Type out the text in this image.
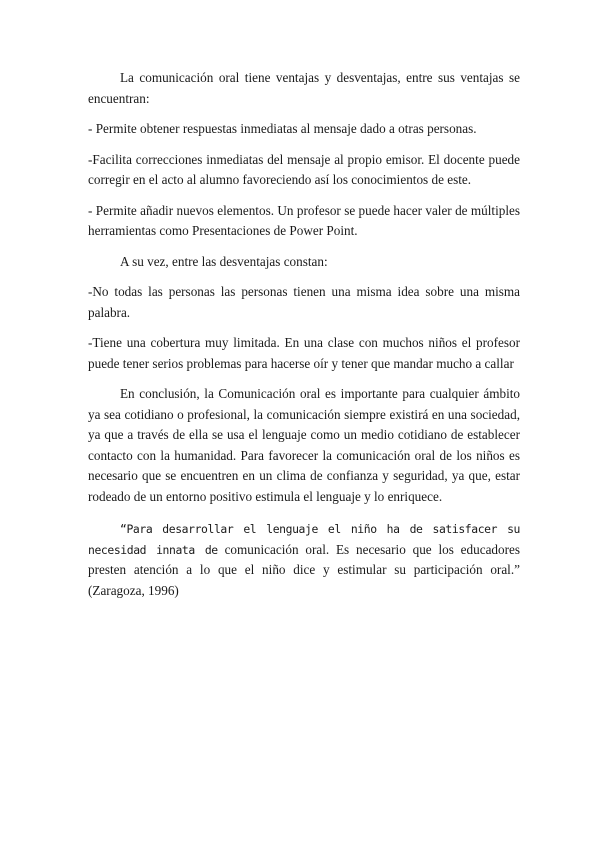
La comunicación oral tiene ventajas y desventajas, entre sus ventajas se encuentran:

- Permite obtener respuestas inmediatas al mensaje dado a otras personas.

-Facilita correcciones inmediatas del mensaje al propio emisor. El docente puede corregir en el acto al alumno favoreciendo así los conocimientos de este.

- Permite añadir nuevos elementos. Un profesor se puede hacer valer de múltiples herramientas como Presentaciones de Power Point.

A su vez, entre las desventajas constan:

-No todas las personas las personas tienen una misma idea sobre una misma palabra.

-Tiene una cobertura muy limitada. En una clase con muchos niños el profesor puede tener serios problemas para hacerse oír y tener que mandar mucho a callar

En conclusión, la Comunicación oral es importante para cualquier ámbito ya sea cotidiano o profesional, la comunicación siempre existirá en una sociedad, ya que a través de ella se usa el lenguaje como un medio cotidiano de establecer contacto con la humanidad. Para favorecer la comunicación oral de los niños es necesario que se encuentren en un clima de confianza y seguridad, ya que, estar rodeado de un entorno positivo estimula el lenguaje y lo enriquece.

“Para desarrollar el lenguaje el niño ha de satisfacer su necesidad innata de comunicación oral. Es necesario que los educadores presten atención a lo que el niño dice y estimular su participación oral.” (Zaragoza, 1996)
